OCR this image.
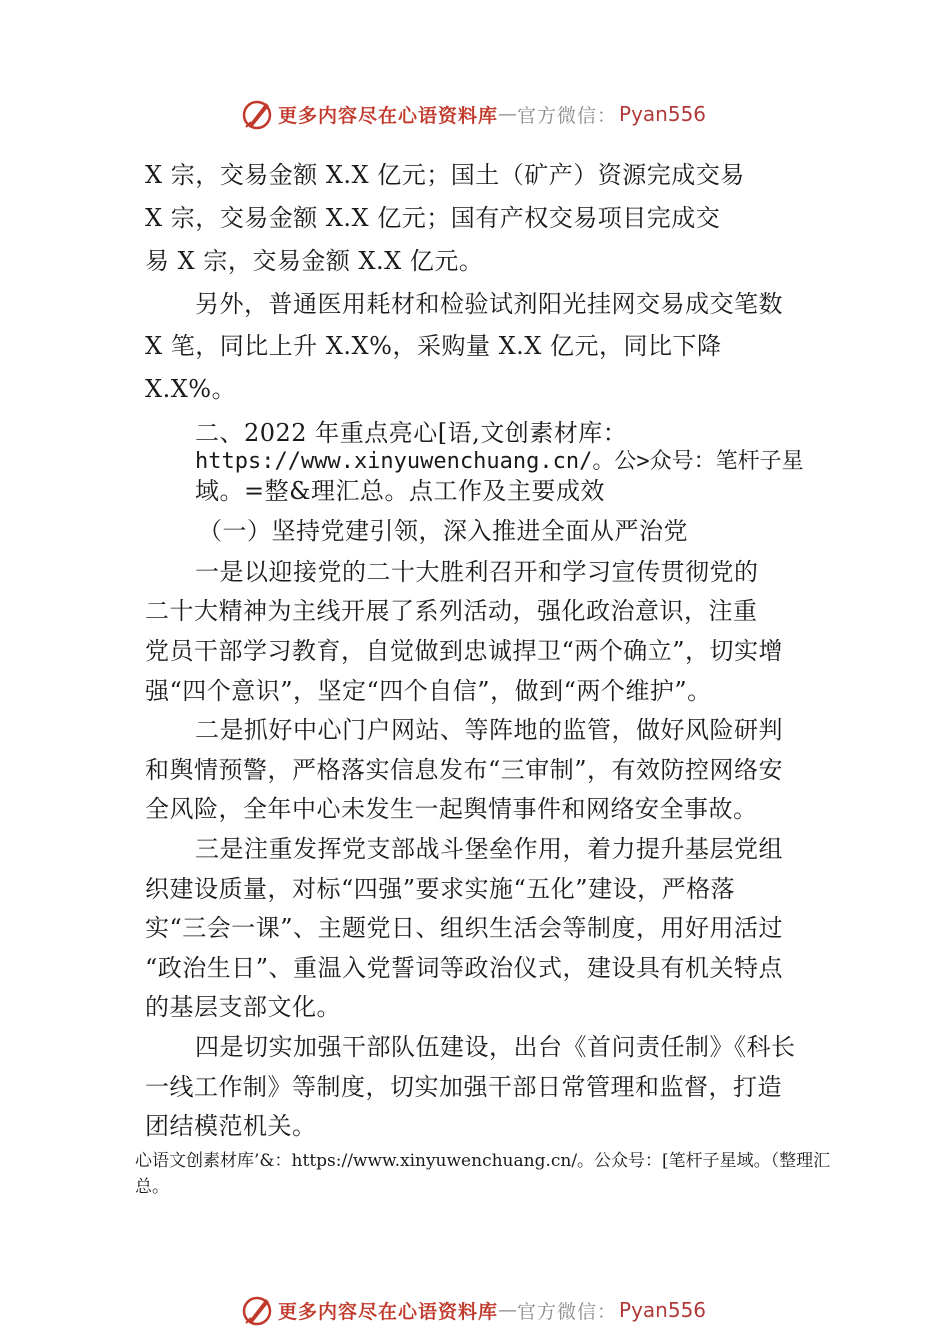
更多内容尽在心语资料库 — 官方微信： Pyan556
X 宗，交易金额 X.X 亿元；国土（矿产）资源完成交易
X 宗，交易金额 X.X 亿元；国有产权交易项目完成交
易 X 宗，交易金额 X.X 亿元。
另外，普通医用耗材和检验试剂阳光挂网交易成交笔数
X 笔，同比上升 X.X%，采购量 X.X 亿元，同比下降
X.X%。
二、2022 年重点亮心[语,文创素材库：
https://www.xinyuwenchuang.cn/。公>众号：笔杆子星
域。=整&理汇总。点工作及主要成效
（一）坚持党建引领，深入推进全面从严治党
一是以迎接党的二十大胜利召开和学习宣传贯彻党的
二十大精神为主线开展了系列活动，强化政治意识，注重
党员干部学习教育，自觉做到忠诚捍卫“两个确立”，切实增
强“四个意识”，坚定“四个自信”，做到“两个维护”。
二是抓好中心门户网站、等阵地的监管，做好风险研判
和舆情预警，严格落实信息发布“三审制”，有效防控网络安
全风险，全年中心未发生一起舆情事件和网络安全事故。
三是注重发挥党支部战斗堡垒作用，着力提升基层党组
织建设质量，对标“四强”要求实施“五化”建设，严格落
实“三会一课”、主题党日、组织生活会等制度，用好用活过
“政治生日”、重温入党誓词等政治仪式，建设具有机关特点
的基层支部文化。
四是切实加强干部队伍建设，出台《首问责任制》《科长
一线工作制》等制度，切实加强干部日常管理和监督，打造
团结模范机关。
心语文创素材库’&：https://www.xinyuwenchuang.cn/。公众号：[笔杆子星域。（整理汇
总。
更多内容尽在心语资料库 — 官方微信： Pyan556
